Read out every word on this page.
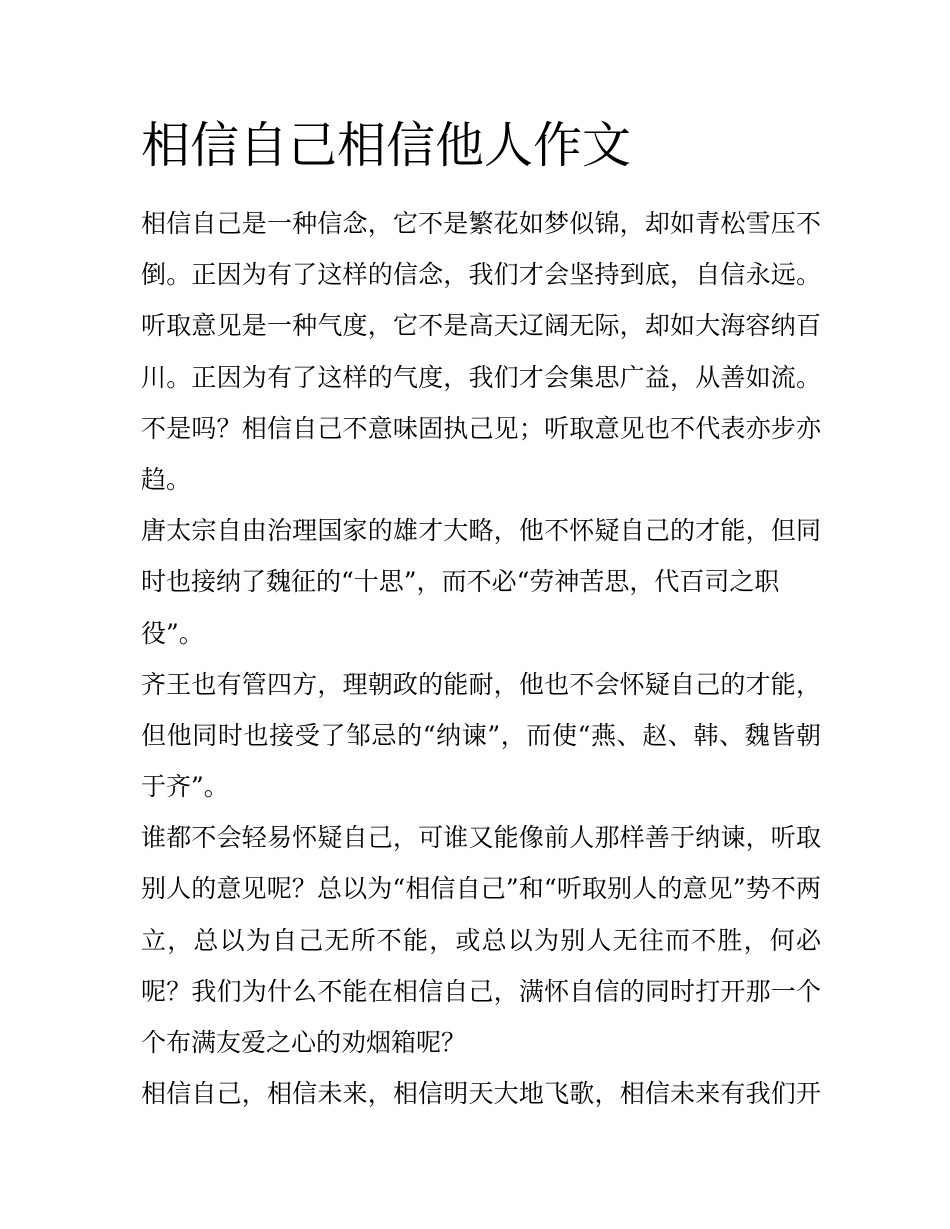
相信自己相信他人作文
相信自己是一种信念，它不是繁花如梦似锦，却如青松雪压不
倒。正因为有了这样的信念，我们才会坚持到底，自信永远。
听取意见是一种气度，它不是高天辽阔无际，却如大海容纳百
川。正因为有了这样的气度，我们才会集思广益，从善如流。
不是吗？相信自己不意味固执己见；听取意见也不代表亦步亦
趋。
唐太宗自由治理国家的雄才大略，他不怀疑自己的才能，但同
时也接纳了魏征的“十思”，而不必“劳神苦思，代百司之职
役”。
齐王也有管四方，理朝政的能耐，他也不会怀疑自己的才能，
但他同时也接受了邹忌的“纳谏”，而使“燕、赵、韩、魏皆朝
于齐”。
谁都不会轻易怀疑自己，可谁又能像前人那样善于纳谏，听取
别人的意见呢？总以为“相信自己”和“听取别人的意见”势不两
立，总以为自己无所不能，或总以为别人无往而不胜，何必
呢？我们为什么不能在相信自己，满怀自信的同时打开那一个
个布满友爱之心的劝烟箱呢？
相信自己，相信未来，相信明天大地飞歌，相信未来有我们开
